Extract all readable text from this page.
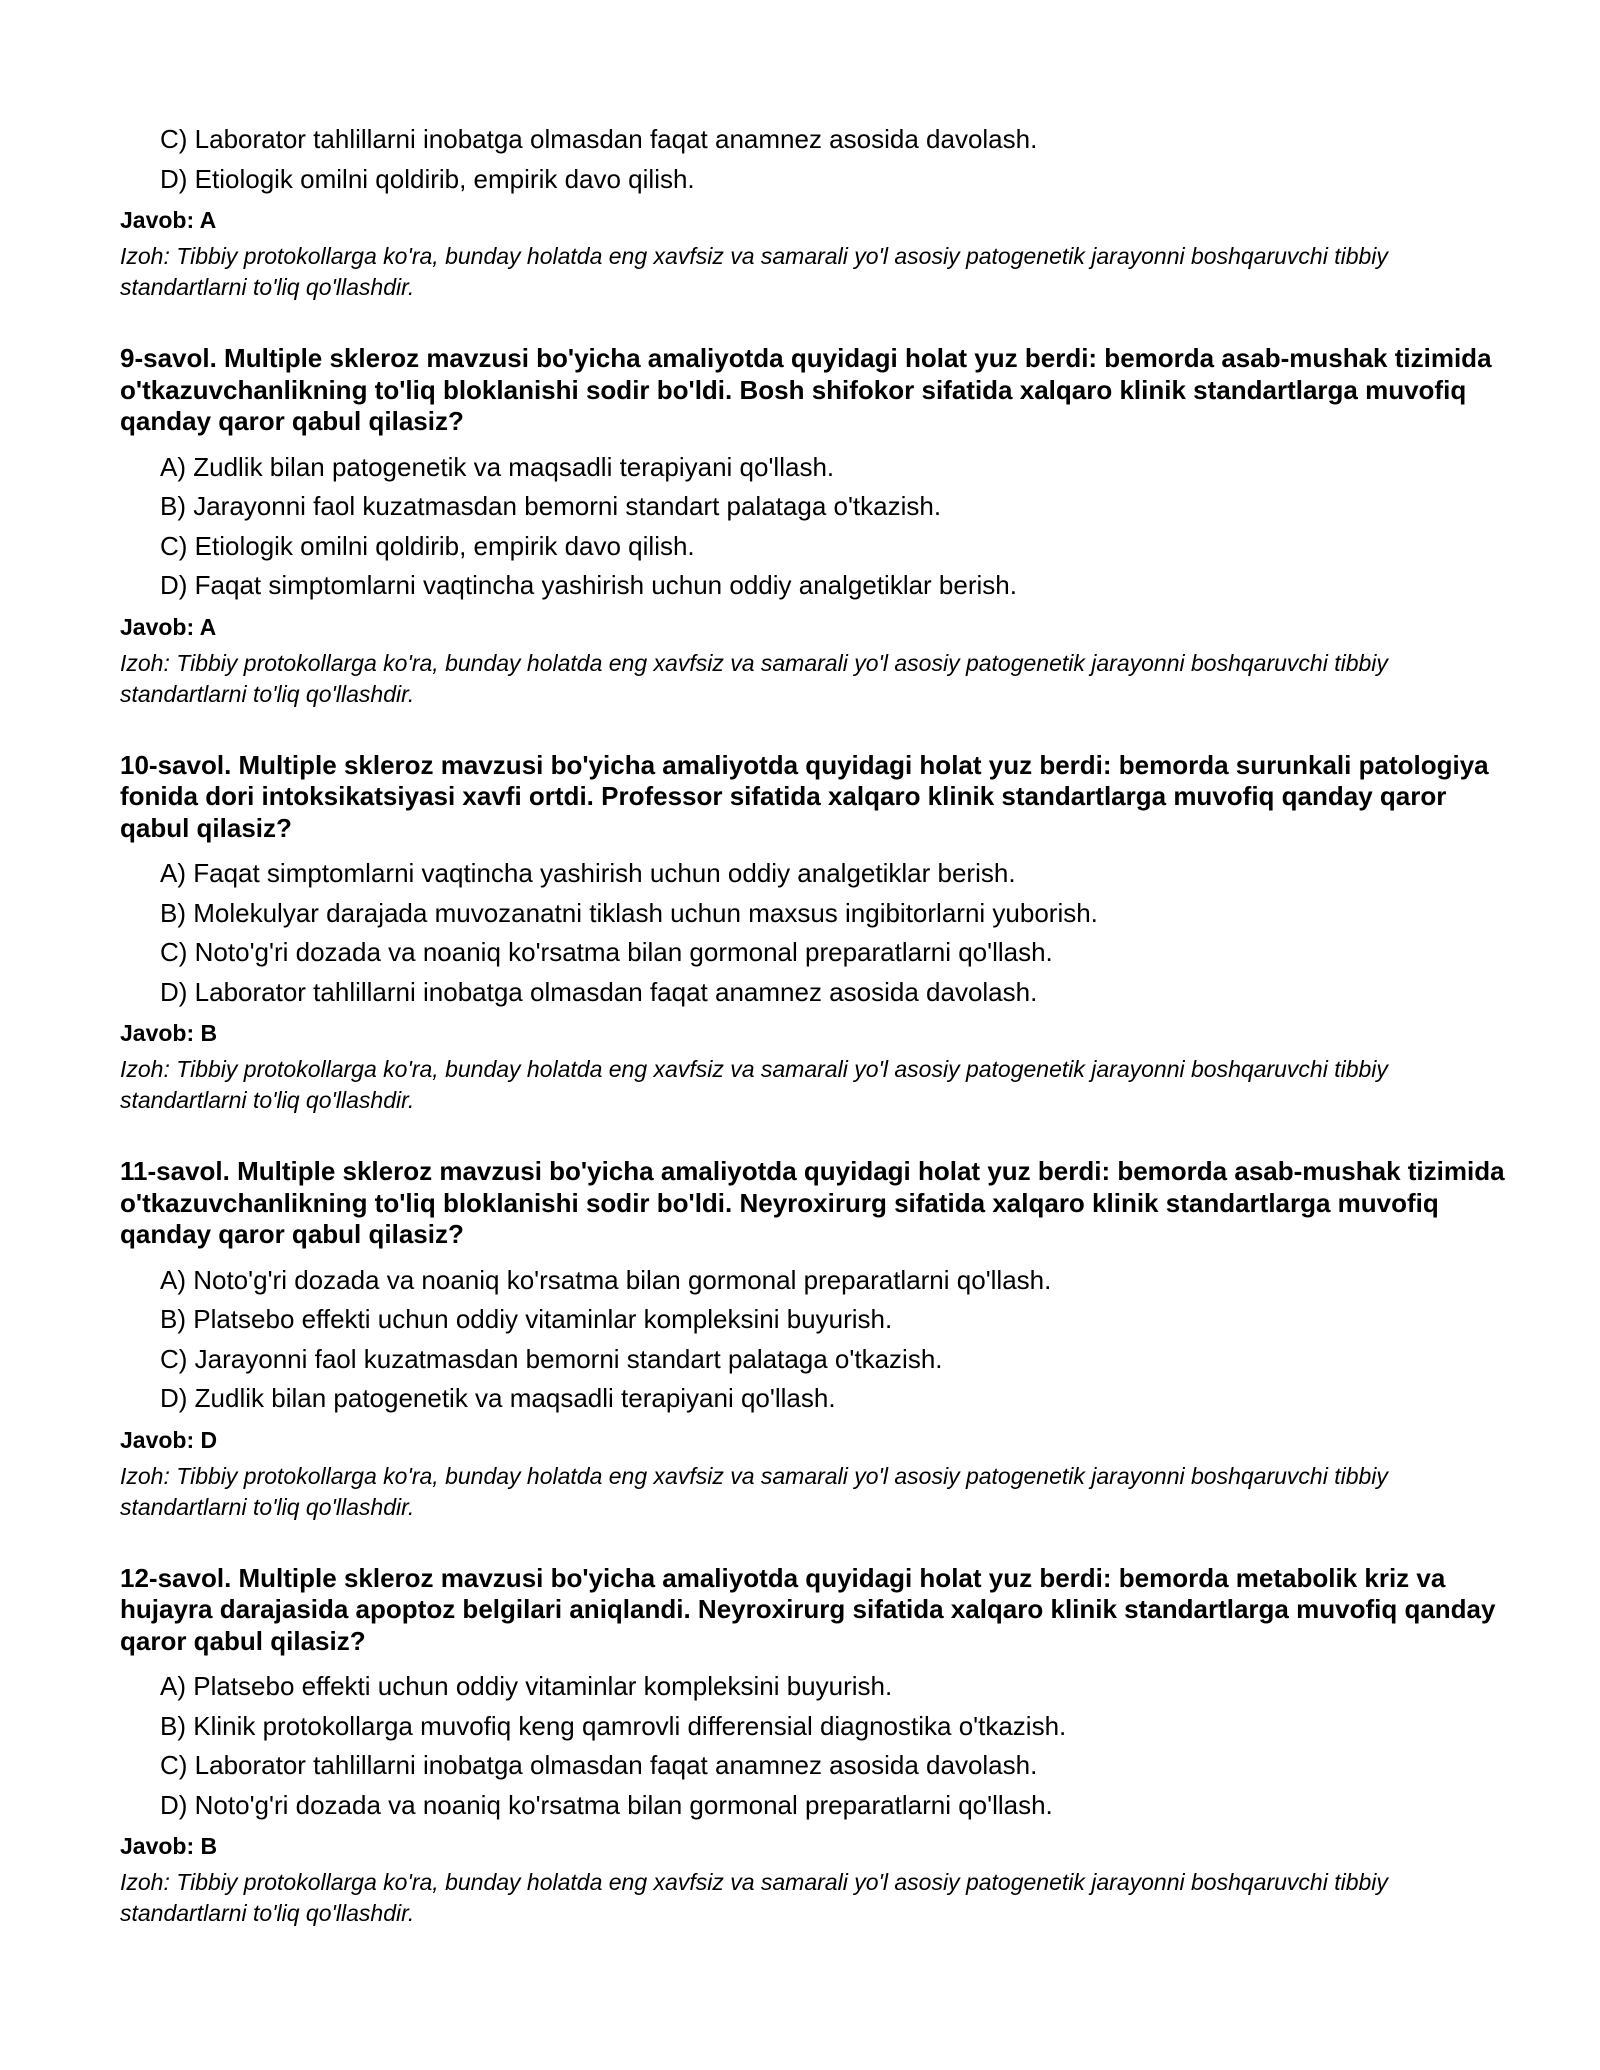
C) Laborator tahlillarni inobatga olmasdan faqat anamnez asosida davolash.
D) Etiologik omilni qoldirib, empirik davo qilish.
Javob: A
Izoh: Tibbiy protokollarga ko'ra, bunday holatda eng xavfsiz va samarali yo'l asosiy patogenetik jarayonni boshqaruvchi tibbiy standartlarni to'liq qo'llashdir.
9-savol. Multiple skleroz mavzusi bo'yicha amaliyotda quyidagi holat yuz berdi: bemorda asab-mushak tizimida o'tkazuvchanlikning to'liq bloklanishi sodir bo'ldi. Bosh shifokor sifatida xalqaro klinik standartlarga muvofiq qanday qaror qabul qilasiz?
A) Zudlik bilan patogenetik va maqsadli terapiyani qo'llash.
B) Jarayonni faol kuzatmasdan bemorni standart palataga o'tkazish.
C) Etiologik omilni qoldirib, empirik davo qilish.
D) Faqat simptomlarni vaqtincha yashirish uchun oddiy analgetiklar berish.
Javob: A
Izoh: Tibbiy protokollarga ko'ra, bunday holatda eng xavfsiz va samarali yo'l asosiy patogenetik jarayonni boshqaruvchi tibbiy standartlarni to'liq qo'llashdir.
10-savol. Multiple skleroz mavzusi bo'yicha amaliyotda quyidagi holat yuz berdi: bemorda surunkali patologiya fonida dori intoksikatsiyasi xavfi ortdi. Professor sifatida xalqaro klinik standartlarga muvofiq qanday qaror qabul qilasiz?
A) Faqat simptomlarni vaqtincha yashirish uchun oddiy analgetiklar berish.
B) Molekulyar darajada muvozanatni tiklash uchun maxsus ingibitorlarni yuborish.
C) Noto'g'ri dozada va noaniq ko'rsatma bilan gormonal preparatlarni qo'llash.
D) Laborator tahlillarni inobatga olmasdan faqat anamnez asosida davolash.
Javob: B
Izoh: Tibbiy protokollarga ko'ra, bunday holatda eng xavfsiz va samarali yo'l asosiy patogenetik jarayonni boshqaruvchi tibbiy standartlarni to'liq qo'llashdir.
11-savol. Multiple skleroz mavzusi bo'yicha amaliyotda quyidagi holat yuz berdi: bemorda asab-mushak tizimida o'tkazuvchanlikning to'liq bloklanishi sodir bo'ldi. Neyroxirurg sifatida xalqaro klinik standartlarga muvofiq qanday qaror qabul qilasiz?
A) Noto'g'ri dozada va noaniq ko'rsatma bilan gormonal preparatlarni qo'llash.
B) Platsebo effekti uchun oddiy vitaminlar kompleksini buyurish.
C) Jarayonni faol kuzatmasdan bemorni standart palataga o'tkazish.
D) Zudlik bilan patogenetik va maqsadli terapiyani qo'llash.
Javob: D
Izoh: Tibbiy protokollarga ko'ra, bunday holatda eng xavfsiz va samarali yo'l asosiy patogenetik jarayonni boshqaruvchi tibbiy standartlarni to'liq qo'llashdir.
12-savol. Multiple skleroz mavzusi bo'yicha amaliyotda quyidagi holat yuz berdi: bemorda metabolik kriz va hujayra darajasida apoptoz belgilari aniqlandi. Neyroxirurg sifatida xalqaro klinik standartlarga muvofiq qanday qaror qabul qilasiz?
A) Platsebo effekti uchun oddiy vitaminlar kompleksini buyurish.
B) Klinik protokollarga muvofiq keng qamrovli differensial diagnostika o'tkazish.
C) Laborator tahlillarni inobatga olmasdan faqat anamnez asosida davolash.
D) Noto'g'ri dozada va noaniq ko'rsatma bilan gormonal preparatlarni qo'llash.
Javob: B
Izoh: Tibbiy protokollarga ko'ra, bunday holatda eng xavfsiz va samarali yo'l asosiy patogenetik jarayonni boshqaruvchi tibbiy standartlarni to'liq qo'llashdir.
